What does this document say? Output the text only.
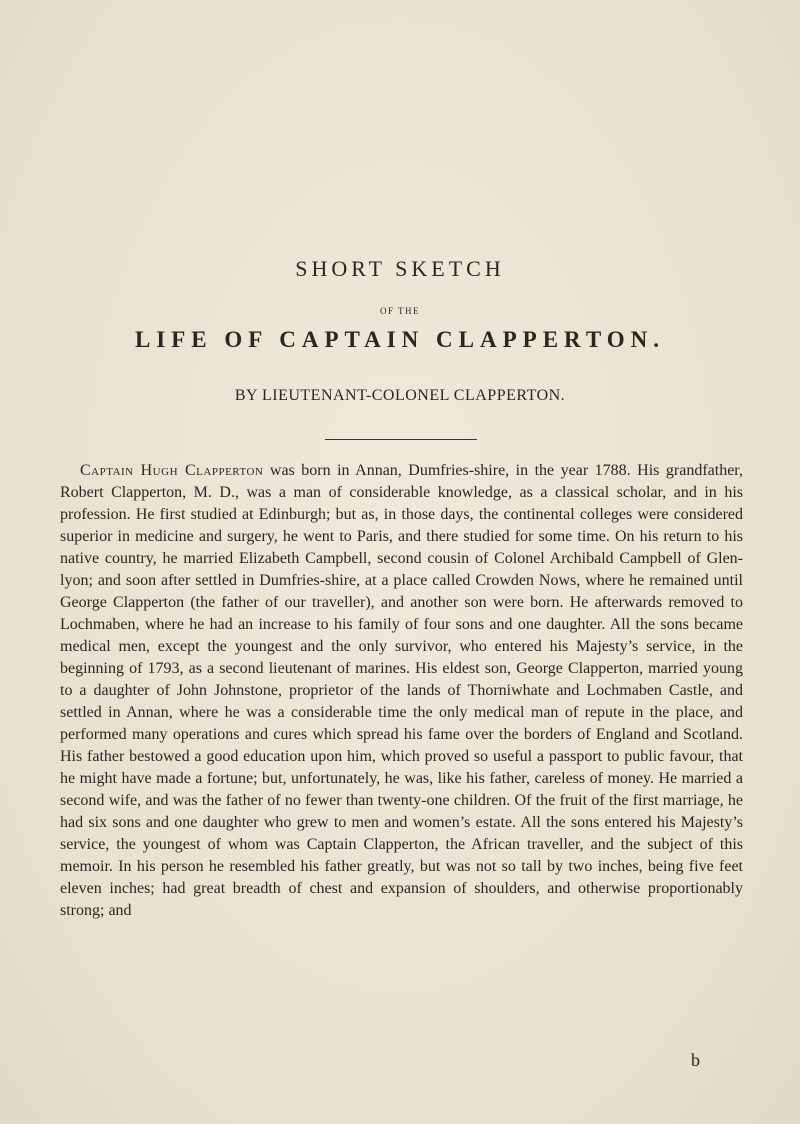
SHORT SKETCH
OF THE
LIFE OF CAPTAIN CLAPPERTON.
BY LIEUTENANT-COLONEL CLAPPERTON.

Captain Hugh Clapperton was born in Annan, Dumfries-shire, in the year 1788. His grandfather, Robert Clapperton, M. D., was a man of considerable knowledge, as a classical scholar, and in his profession. He first studied at Edinburgh; but as, in those days, the continental colleges were considered superior in medicine and surgery, he went to Paris, and there studied for some time. On his return to his native country, he married Elizabeth Campbell, second cousin of Colonel Archibald Campbell of Glen-lyon; and soon after settled in Dumfries-shire, at a place called Crowden Nows, where he remained until George Clapperton (the father of our traveller), and another son were born. He afterwards removed to Lochmaben, where he had an increase to his family of four sons and one daughter. All the sons became medical men, except the youngest and the only survivor, who entered his Majesty’s service, in the beginning of 1793, as a second lieutenant of marines. His eldest son, George Clapperton, married young to a daughter of John Johnstone, proprietor of the lands of Thorniwhate and Lochmaben Castle, and settled in Annan, where he was a considerable time the only medical man of repute in the place, and performed many operations and cures which spread his fame over the borders of England and Scotland. His father bestowed a good education upon him, which proved so useful a passport to public favour, that he might have made a fortune; but, unfortunately, he was, like his father, careless of money. He married a second wife, and was the father of no fewer than twenty-one children. Of the fruit of the first marriage, he had six sons and one daughter who grew to men and women’s estate. All the sons entered his Majesty’s service, the youngest of whom was Captain Clapperton, the African traveller, and the subject of this memoir. In his person he resembled his father greatly, but was not so tall by two inches, being five feet eleven inches; had great breadth of chest and expansion of shoulders, and otherwise proportionably strong; and

b
